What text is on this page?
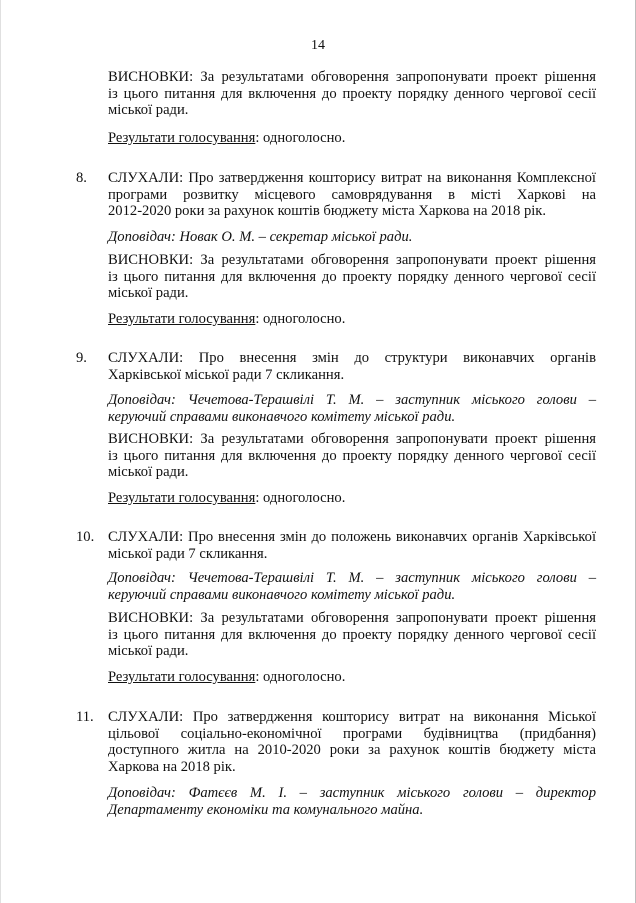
14
ВИСНОВКИ: За результатами обговорення запропонувати проект рішення
із цього питання для включення до проекту порядку денного чергової сесії
міської ради.
Результати голосування: одноголосно.
8. СЛУХАЛИ: Про затвердження кошторису витрат на виконання Комплексної
програми розвитку місцевого самоврядування в місті Харкові на
2012-2020 роки за рахунок коштів бюджету міста Харкова на 2018 рік.
Доповідач: Новак О. М. – секретар міської ради.
ВИСНОВКИ: За результатами обговорення запропонувати проект рішення
із цього питання для включення до проекту порядку денного чергової сесії
міської ради.
Результати голосування: одноголосно.
9. СЛУХАЛИ: Про внесення змін до структури виконавчих органів
Харківської міської ради 7 скликання.
Доповідач: Чечетова-Терашвілі Т. М. – заступник міського голови –
керуючий справами виконавчого комітету міської ради.
ВИСНОВКИ: За результатами обговорення запропонувати проект рішення
із цього питання для включення до проекту порядку денного чергової сесії
міської ради.
Результати голосування: одноголосно.
10. СЛУХАЛИ: Про внесення змін до положень виконавчих органів Харківської
міської ради 7 скликання.
Доповідач: Чечетова-Терашвілі Т. М. – заступник міського голови –
керуючий справами виконавчого комітету міської ради.
ВИСНОВКИ: За результатами обговорення запропонувати проект рішення
із цього питання для включення до проекту порядку денного чергової сесії
міської ради.
Результати голосування: одноголосно.
11. СЛУХАЛИ: Про затвердження кошторису витрат на виконання Міської
цільової соціально-економічної програми будівництва (придбання)
доступного житла на 2010-2020 роки за рахунок коштів бюджету міста
Харкова на 2018 рік.
Доповідач: Фатєєв М. І. – заступник міського голови – директор
Департаменту економіки та комунального майна.
